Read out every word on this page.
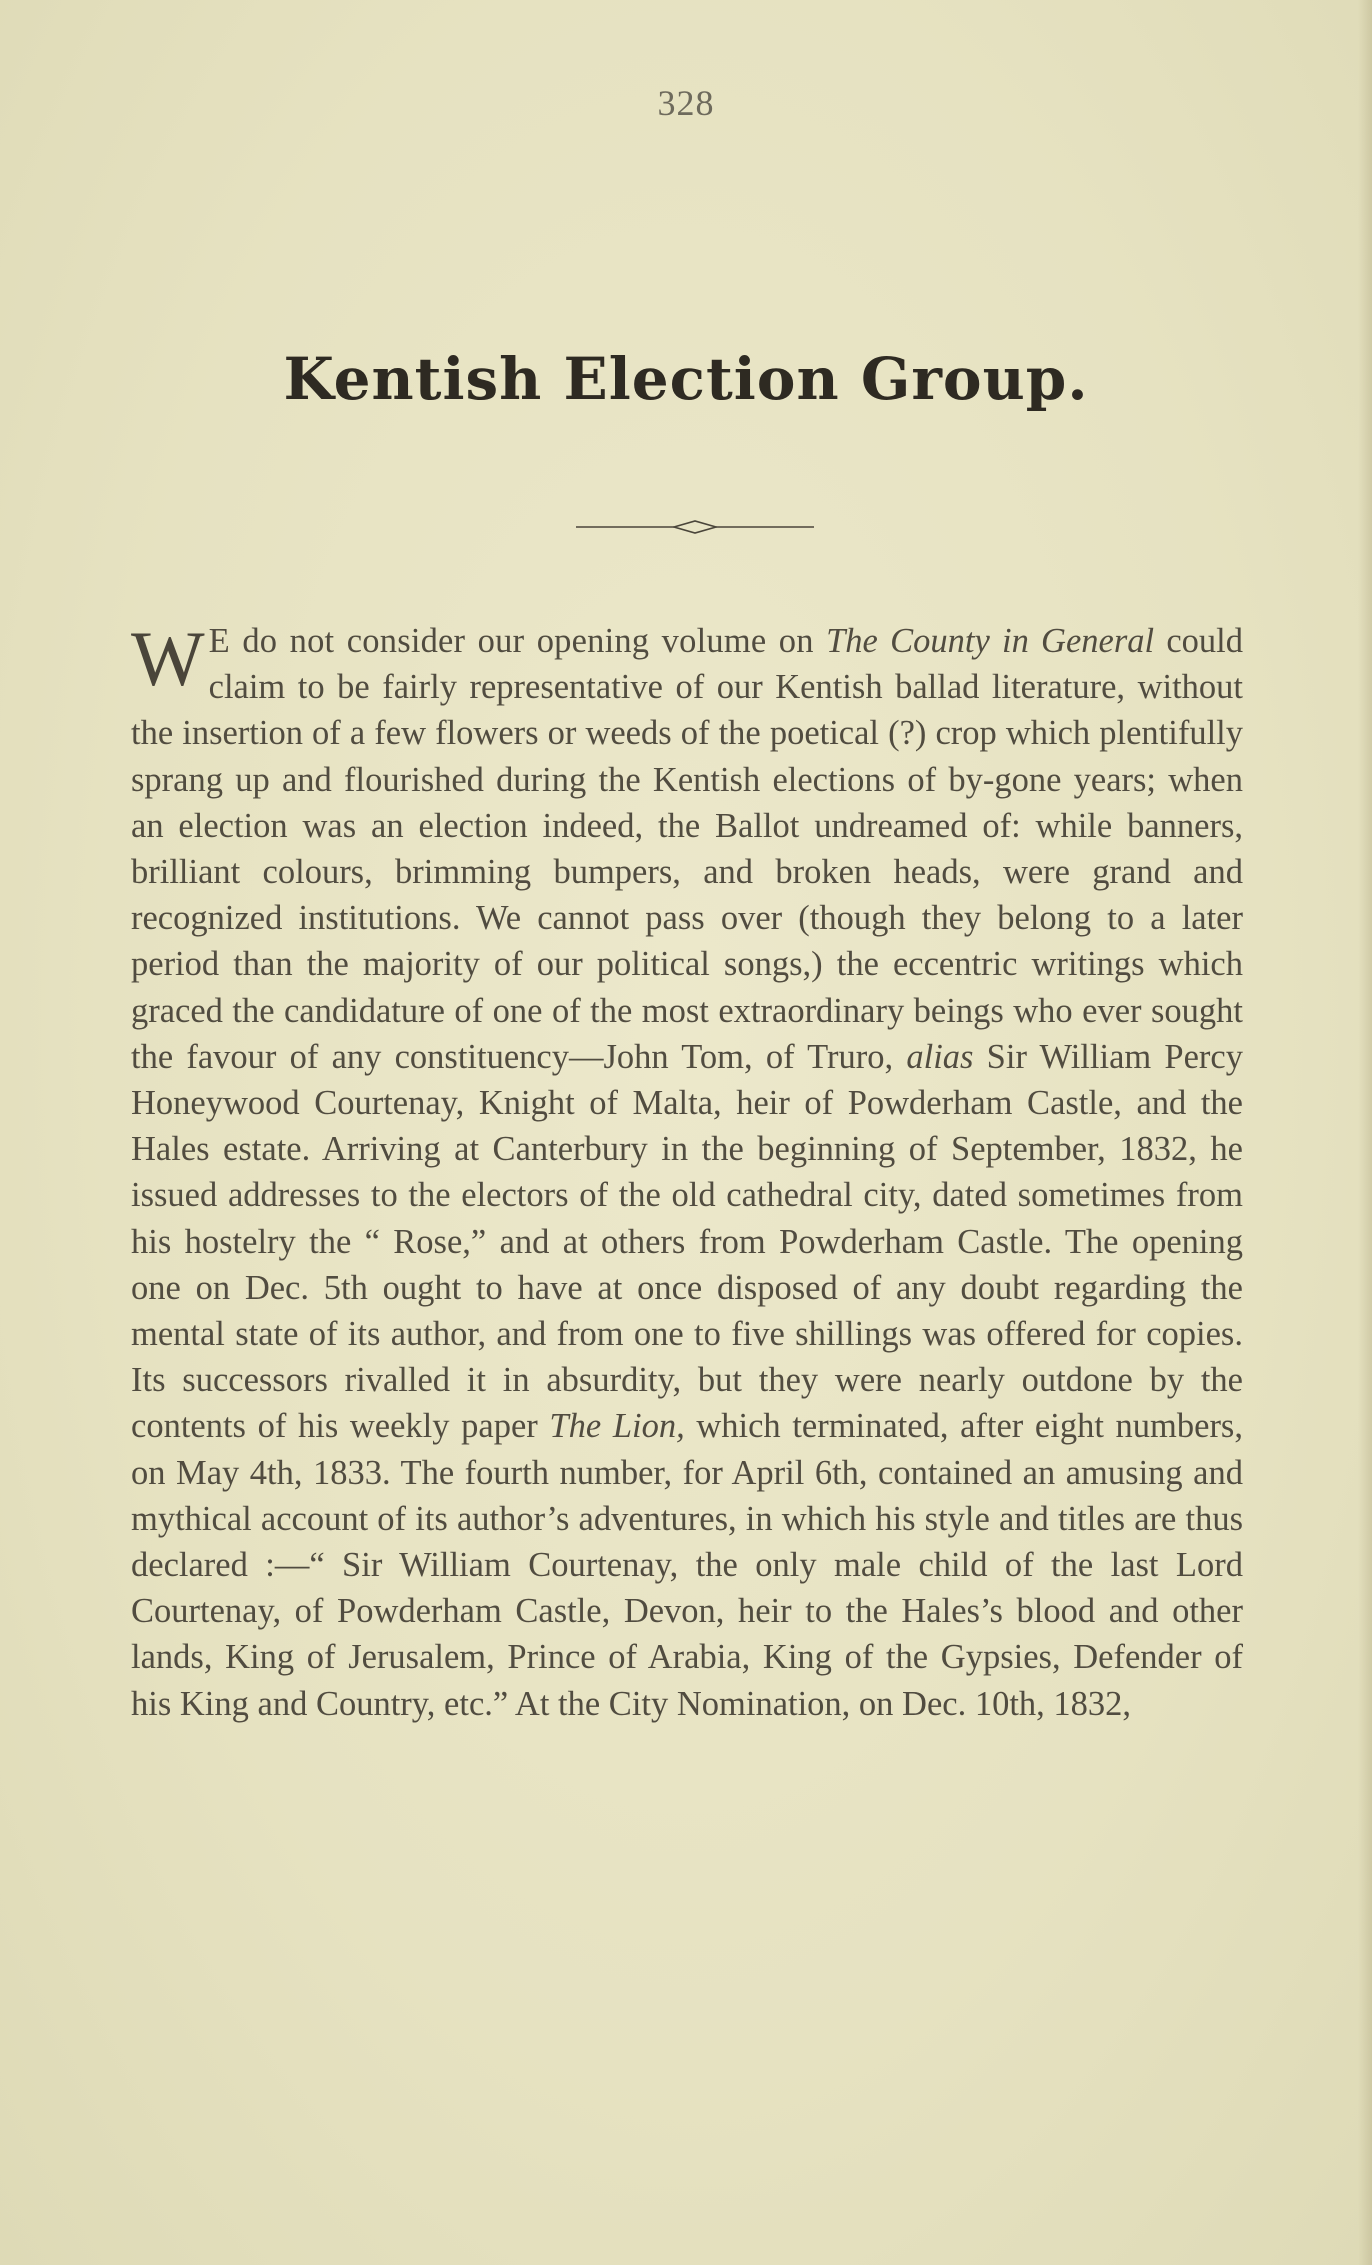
328
Kentish Election Group.

W E do not consider our opening volume on The County in General could claim to be fairly representative of our Kentish ballad literature, without the insertion of a few flowers or weeds of the poetical (?) crop which plentifully sprang up and flourished during the Kentish elections of by-gone years; when an election was an election indeed, the Ballot undreamed of: while banners, brilliant colours, brimming bumpers, and broken heads, were grand and recognized institutions. We cannot pass over (though they belong to a later period than the majority of our political songs,) the eccentric writings which graced the candidature of one of the most extraordinary beings who ever sought the favour of any constituency—John Tom, of Truro, alias Sir William Percy Honeywood Courtenay, Knight of Malta, heir of Powderham Castle, and the Hales estate. Arriving at Canterbury in the beginning of September, 1832, he issued addresses to the electors of the old cathedral city, dated sometimes from his hostelry the “ Rose,” and at others from Powderham Castle. The opening one on Dec. 5th ought to have at once disposed of any doubt regarding the mental state of its author, and from one to five shillings was offered for copies. Its successors rivalled it in absurdity, but they were nearly outdone by the contents of his weekly paper The Lion, which terminated, after eight numbers, on May 4th, 1833. The fourth number, for April 6th, contained an amusing and mythical account of its author’s adventures, in which his style and titles are thus declared :—“ Sir William Courtenay, the only male child of the last Lord Courtenay, of Powderham Castle, Devon, heir to the Hales’s blood and other lands, King of Jerusalem, Prince of Arabia, King of the Gypsies, Defender of his King and Country, etc.” At the City Nomination, on Dec. 10th, 1832,
